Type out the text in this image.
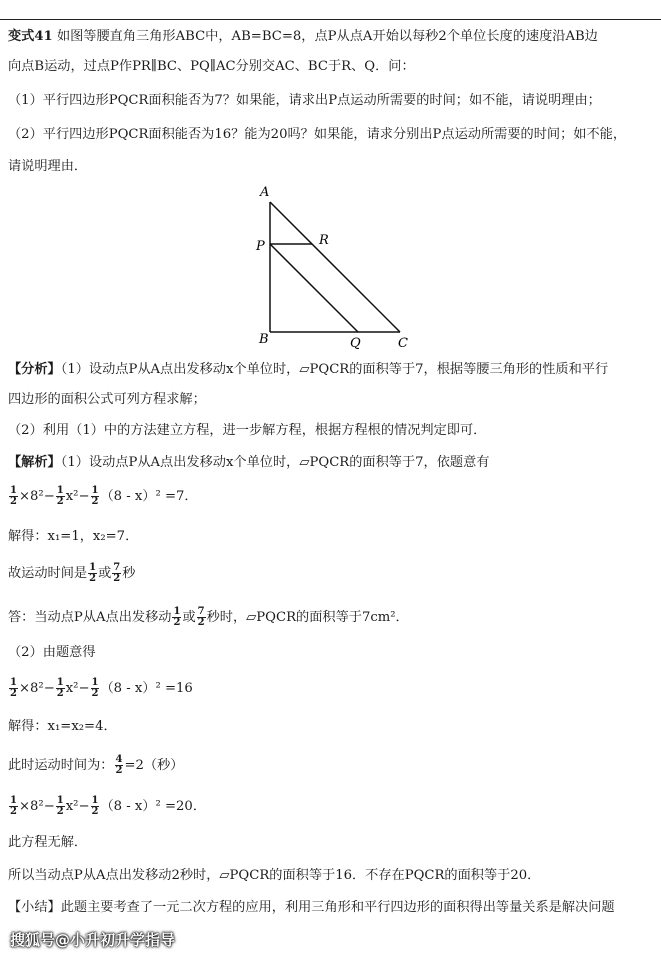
变式41 如图等腰直角三角形ABC中，AB=BC=8，点P从点A开始以每秒2个单位长度的速度沿AB边
向点B运动，过点P作PR∥BC、PQ∥AC分别交AC、BC于R、Q．问：
（1）平行四边形PQCR面积能否为7？如果能，请求出P点运动所需要的时间；如不能，请说明理由；
（2）平行四边形PQCR面积能否为16？能为20吗？如果能，请求分别出P点运动所需要的时间；如不能，
请说明理由．
A
P	R
B	Q	C
【分析】（1）设动点P从A点出发移动x个单位时，▱PQCR的面积等于7，根据等腰三角形的性质和平行
四边形的面积公式可列方程求解；
（2）利用（1）中的方法建立方程，进一步解方程，根据方程根的情况判定即可．
【解析】（1）设动点P从A点出发移动x个单位时，▱PQCR的面积等于7，依题意有
$\frac{1}{2} \times 8^2- \frac{1}{2} x^2- \frac{1}{2} (8 - x)^2 =7$．
解得：x₁=1，x₂=7．
故运动时间是 $\frac{1}{2}$ 或 $\frac{7}{2}$ 秒
答：当动点P从A点出发移动 $\frac{1}{2}$ 或 $\frac{7}{2}$ 秒时，▱PQCR的面积等于7cm²．
（2）由题意得
$\frac{1}{2} \times 8^2- \frac{1}{2} x^2- \frac{1}{2} (8 - x)^2 =16$
解得：x₁=x₂=4．
此时运动时间为： $\frac{4}{2} =2$（秒）
$\frac{1}{2} \times 8^2- \frac{1}{2} x^2- \frac{1}{2} (8 - x)^2 =20$．
此方程无解．
所以当动点P从A点出发移动2秒时，▱PQCR的面积等于16．不存在PQCR的面积等于20．
【小结】此题主要考查了一元二次方程的应用，利用三角形和平行四边形的面积得出等量关系是解决问题
搜狐号@小升初升学指导
